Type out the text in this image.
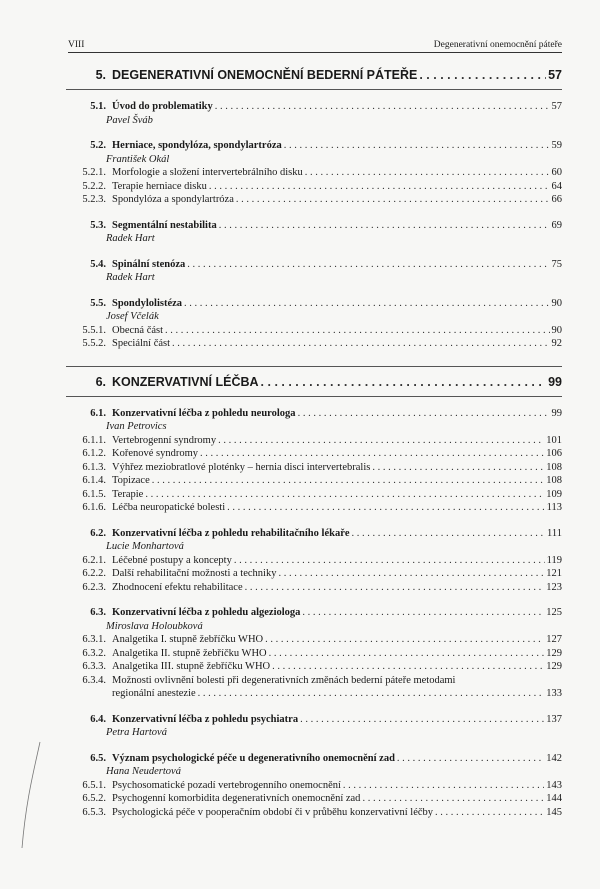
VIII	Degenerativní onemocnění páteře
5. DEGENERATIVNÍ ONEMOCNĚNÍ BEDERNÍ PÁTEŘE . . .	57
5.1. Úvod do problematiky . . .	57
Pavel Šváb
5.2. Herniace, spondylóza, spondylartróza . . .	59
František Okál
5.2.1. Morfologie a složení intervertebrálního disku . . .	60
5.2.2. Terapie herniace disku . . .	64
5.2.3. Spondylóza a spondylartróza . . .	66
5.3. Segmentální nestabilita . . .	69
Radek Hart
5.4. Spinální stenóza . . .	75
Radek Hart
5.5. Spondylolistéza . . .	90
Josef Včelák
5.5.1. Obecná část . . .	90
5.5.2. Speciální část . . .	92
6. KONZERVATIVNÍ LÉČBA . . .	99
6.1. Konzervativní léčba z pohledu neurologa . . .	99
Ivan Petrovics
6.1.1. Vertebrogenní syndromy . . .	101
6.1.2. Kořenové syndromy . . .	106
6.1.3. Výhřez meziobratlové ploténky – hernia disci intervertebralis . . .	108
6.1.4. Topizace . . .	108
6.1.5. Terapie . . .	109
6.1.6. Léčba neuropatické bolesti . . .	113
6.2. Konzervativní léčba z pohledu rehabilitačního lékaře . . .	111
Lucie Monhartová
6.2.1. Léčebné postupy a koncepty . . .	119
6.2.2. Další rehabilitační možnosti a techniky . . .	121
6.2.3. Zhodnocení efektu rehabilitace . . .	123
6.3. Konzervativní léčba z pohledu algeziologa . . .	125
Miroslava Holoubková
6.3.1. Analgetika I. stupně žebříčku WHO . . .	127
6.3.2. Analgetika II. stupně žebříčku WHO . . .	129
6.3.3. Analgetika III. stupně žebříčku WHO . . .	129
6.3.4. Možnosti ovlivnění bolesti při degenerativních změnách bederní páteře metodami
regionální anestezie . . .	133
6.4. Konzervativní léčba z pohledu psychiatra . . .	137
Petra Hartová
6.5. Význam psychologické péče u degenerativního onemocnění zad . . .	142
Hana Neudertová
6.5.1. Psychosomatické pozadí vertebrogenního onemocnění . . .	143
6.5.2. Psychogenní komorbidita degenerativních onemocnění zad . . .	144
6.5.3. Psychologická péče v pooperačním období či v průběhu konzervativní léčby . . .	145
